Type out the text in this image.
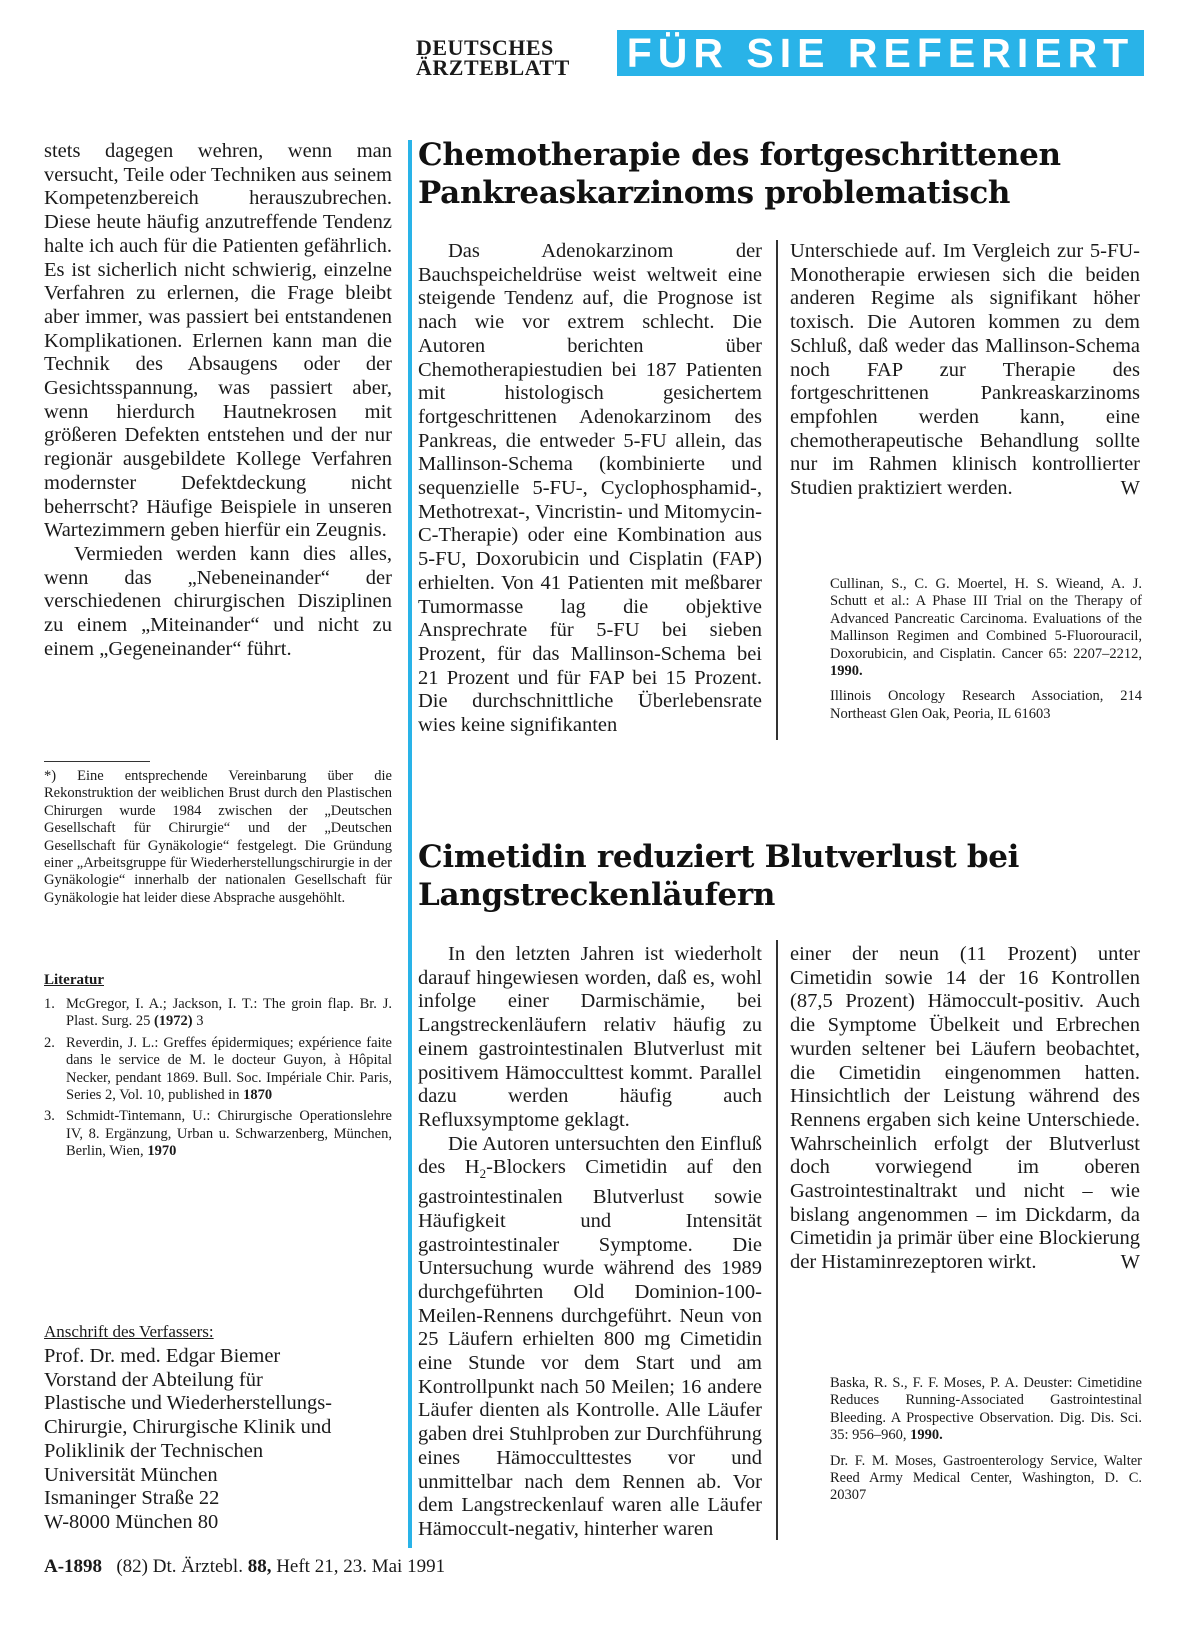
DEUTSCHES
ÄRZTEBLATT	FÜR SIE REFERIERT

stets dagegen wehren, wenn man versucht, Teile oder Techniken aus seinem Kompetenzbereich herauszubrechen. Diese heute häufig anzutreffende Tendenz halte ich auch für die Patienten gefährlich. Es ist sicherlich nicht schwierig, einzelne Verfahren zu erlernen, die Frage bleibt aber immer, was passiert bei entstandenen Komplikationen. Erlernen kann man die Technik des Absaugens oder der Gesichtsspannung, was passiert aber, wenn hierdurch Hautnekrosen mit größeren Defekten entstehen und der nur regionär ausgebildete Kollege Verfahren modernster Defektdeckung nicht beherrscht? Häufige Beispiele in unseren Wartezimmern geben hierfür ein Zeugnis.

Vermieden werden kann dies alles, wenn das „Nebeneinander“ der verschiedenen chirurgischen Disziplinen zu einem „Miteinander“ und nicht zu einem „Gegeneinander“ führt.

*) Eine entsprechende Vereinbarung über die Rekonstruktion der weiblichen Brust durch den Plastischen Chirurgen wurde 1984 zwischen der „Deutschen Gesellschaft für Chirurgie“ und der „Deutschen Gesellschaft für Gynäkologie“ festgelegt. Die Gründung einer „Arbeitsgruppe für Wiederherstellungschirurgie in der Gynäkologie“ innerhalb der nationalen Gesellschaft für Gynäkologie hat leider diese Absprache ausgehöhlt.
Literatur
1. McGregor, I. A.; Jackson, I. T.: The groin flap. Br. J. Plast. Surg. 25 (1972) 3
2. Reverdin, J. L.: Greffes épidermiques; expérience faite dans le service de M. le docteur Guyon, à Hôpital Necker, pendant 1869. Bull. Soc. Impériale Chir. Paris, Series 2, Vol. 10, published in 1870
3. Schmidt-Tintemann, U.: Chirurgische Operationslehre IV, 8. Ergänzung, Urban u. Schwarzenberg, München, Berlin, Wien, 1970
Anschrift des Verfassers:
Prof. Dr. med. Edgar Biemer
Vorstand der Abteilung für
Plastische und Wiederherstellungs-
Chirurgie, Chirurgische Klinik und
Poliklinik der Technischen
Universität München
Ismaninger Straße 22
W-8000 München 80
Chemotherapie des fortgeschrittenen Pankreaskarzinoms problematisch

Das Adenokarzinom der Bauchspeicheldrüse weist weltweit eine steigende Tendenz auf, die Prognose ist nach wie vor extrem schlecht. Die Autoren berichten über Chemotherapiestudien bei 187 Patienten mit histologisch gesichertem fortgeschrittenen Adenokarzinom des Pankreas, die entweder 5-FU allein, das Mallinson-Schema (kombinierte und sequenzielle 5-FU-, Cyclophosphamid-, Methotrexat-, Vincristin- und Mitomycin-C-Therapie) oder eine Kombination aus 5-FU, Doxorubicin und Cisplatin (FAP) erhielten. Von 41 Patienten mit meßbarer Tumormasse lag die objektive Ansprechrate für 5-FU bei sieben Prozent, für das Mallinson-Schema bei 21 Prozent und für FAP bei 15 Prozent. Die durchschnittliche Überlebensrate wies keine signifikanten

Unterschiede auf. Im Vergleich zur 5-FU-Monotherapie erwiesen sich die beiden anderen Regime als signifikant höher toxisch. Die Autoren kommen zu dem Schluß, daß weder das Mallinson-Schema noch FAP zur Therapie des fortgeschrittenen Pankreaskarzinoms empfohlen werden kann, eine chemotherapeutische Behandlung sollte nur im Rahmen klinisch kontrollierter Studien praktiziert werden.	W

Cullinan, S., C. G. Moertel, H. S. Wieand, A. J. Schutt et al.: A Phase III Trial on the Therapy of Advanced Pancreatic Carcinoma. Evaluations of the Mallinson Regimen and Combined 5-Fluorouracil, Doxorubicin, and Cisplatin. Cancer 65: 2207–2212, 1990.

Illinois Oncology Research Association, 214 Northeast Glen Oak, Peoria, IL 61603

Cimetidin reduziert Blutverlust bei Langstreckenläufern

In den letzten Jahren ist wiederholt darauf hingewiesen worden, daß es, wohl infolge einer Darmischämie, bei Langstreckenläufern relativ häufig zu einem gastrointestinalen Blutverlust mit positivem Hämocculttest kommt. Parallel dazu werden häufig auch Refluxsymptome geklagt.

Die Autoren untersuchten den Einfluß des $H_2$-Blockers Cimetidin auf den gastrointestinalen Blutverlust sowie Häufigkeit und Intensität gastrointestinaler Symptome. Die Untersuchung wurde während des 1989 durchgeführten Old Dominion-100-Meilen-Rennens durchgeführt. Neun von 25 Läufern erhielten 800 mg Cimetidin eine Stunde vor dem Start und am Kontrollpunkt nach 50 Meilen; 16 andere Läufer dienten als Kontrolle. Alle Läufer gaben drei Stuhlproben zur Durchführung eines Hämocculttestes vor und unmittelbar nach dem Rennen ab. Vor dem Langstreckenlauf waren alle Läufer Hämoccult-negativ, hinterher waren

einer der neun (11 Prozent) unter Cimetidin sowie 14 der 16 Kontrollen (87,5 Prozent) Hämoccult-positiv. Auch die Symptome Übelkeit und Erbrechen wurden seltener bei Läufern beobachtet, die Cimetidin eingenommen hatten. Hinsichtlich der Leistung während des Rennens ergaben sich keine Unterschiede. Wahrscheinlich erfolgt der Blutverlust doch vorwiegend im oberen Gastrointestinaltrakt und nicht – wie bislang angenommen – im Dickdarm, da Cimetidin ja primär über eine Blockierung der Histaminrezeptoren wirkt.	W

Baska, R. S., F. F. Moses, P. A. Deuster: Cimetidine Reduces Running-Associated Gastrointestinal Bleeding. A Prospective Observation. Dig. Dis. Sci. 35: 956–960, 1990.

Dr. F. M. Moses, Gastroenterology Service, Walter Reed Army Medical Center, Washington, D. C. 20307

A-1898 (82) Dt. Ärztebl. 88, Heft 21, 23. Mai 1991
